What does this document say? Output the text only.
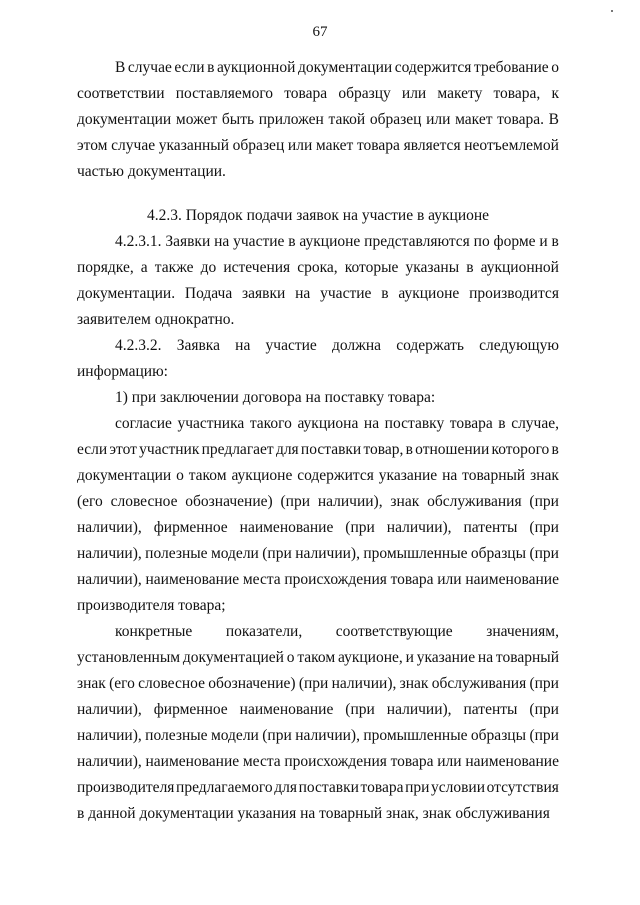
67
В случае если в аукционной документации содержится требование о
соответствии поставляемого товара образцу или макету товара, к
документации может быть приложен такой образец или макет товара. В
этом случае указанный образец или макет товара является неотъемлемой
частью документации.
4.2.3. Порядок подачи заявок на участие в аукционе
4.2.3.1. Заявки на участие в аукционе представляются по форме и в
порядке, а также до истечения срока, которые указаны в аукционной
документации. Подача заявки на участие в аукционе производится
заявителем однократно.
4.2.3.2. Заявка на участие должна содержать следующую
информацию:
1) при заключении договора на поставку товара:
согласие участника такого аукциона на поставку товара в случае,
если этот участник предлагает для поставки товар, в отношении которого в
документации о таком аукционе содержится указание на товарный знак
(его словесное обозначение) (при наличии), знак обслуживания (при
наличии), фирменное наименование (при наличии), патенты (при
наличии), полезные модели (при наличии), промышленные образцы (при
наличии), наименование места происхождения товара или наименование
производителя товара;
конкретные показатели, соответствующие значениям,
установленным документацией о таком аукционе, и указание на товарный
знак (его словесное обозначение) (при наличии), знак обслуживания (при
наличии), фирменное наименование (при наличии), патенты (при
наличии), полезные модели (при наличии), промышленные образцы (при
наличии), наименование места происхождения товара или наименование
производителя предлагаемого для поставки товара при условии отсутствия
в данной документации указания на товарный знак, знак обслуживания
